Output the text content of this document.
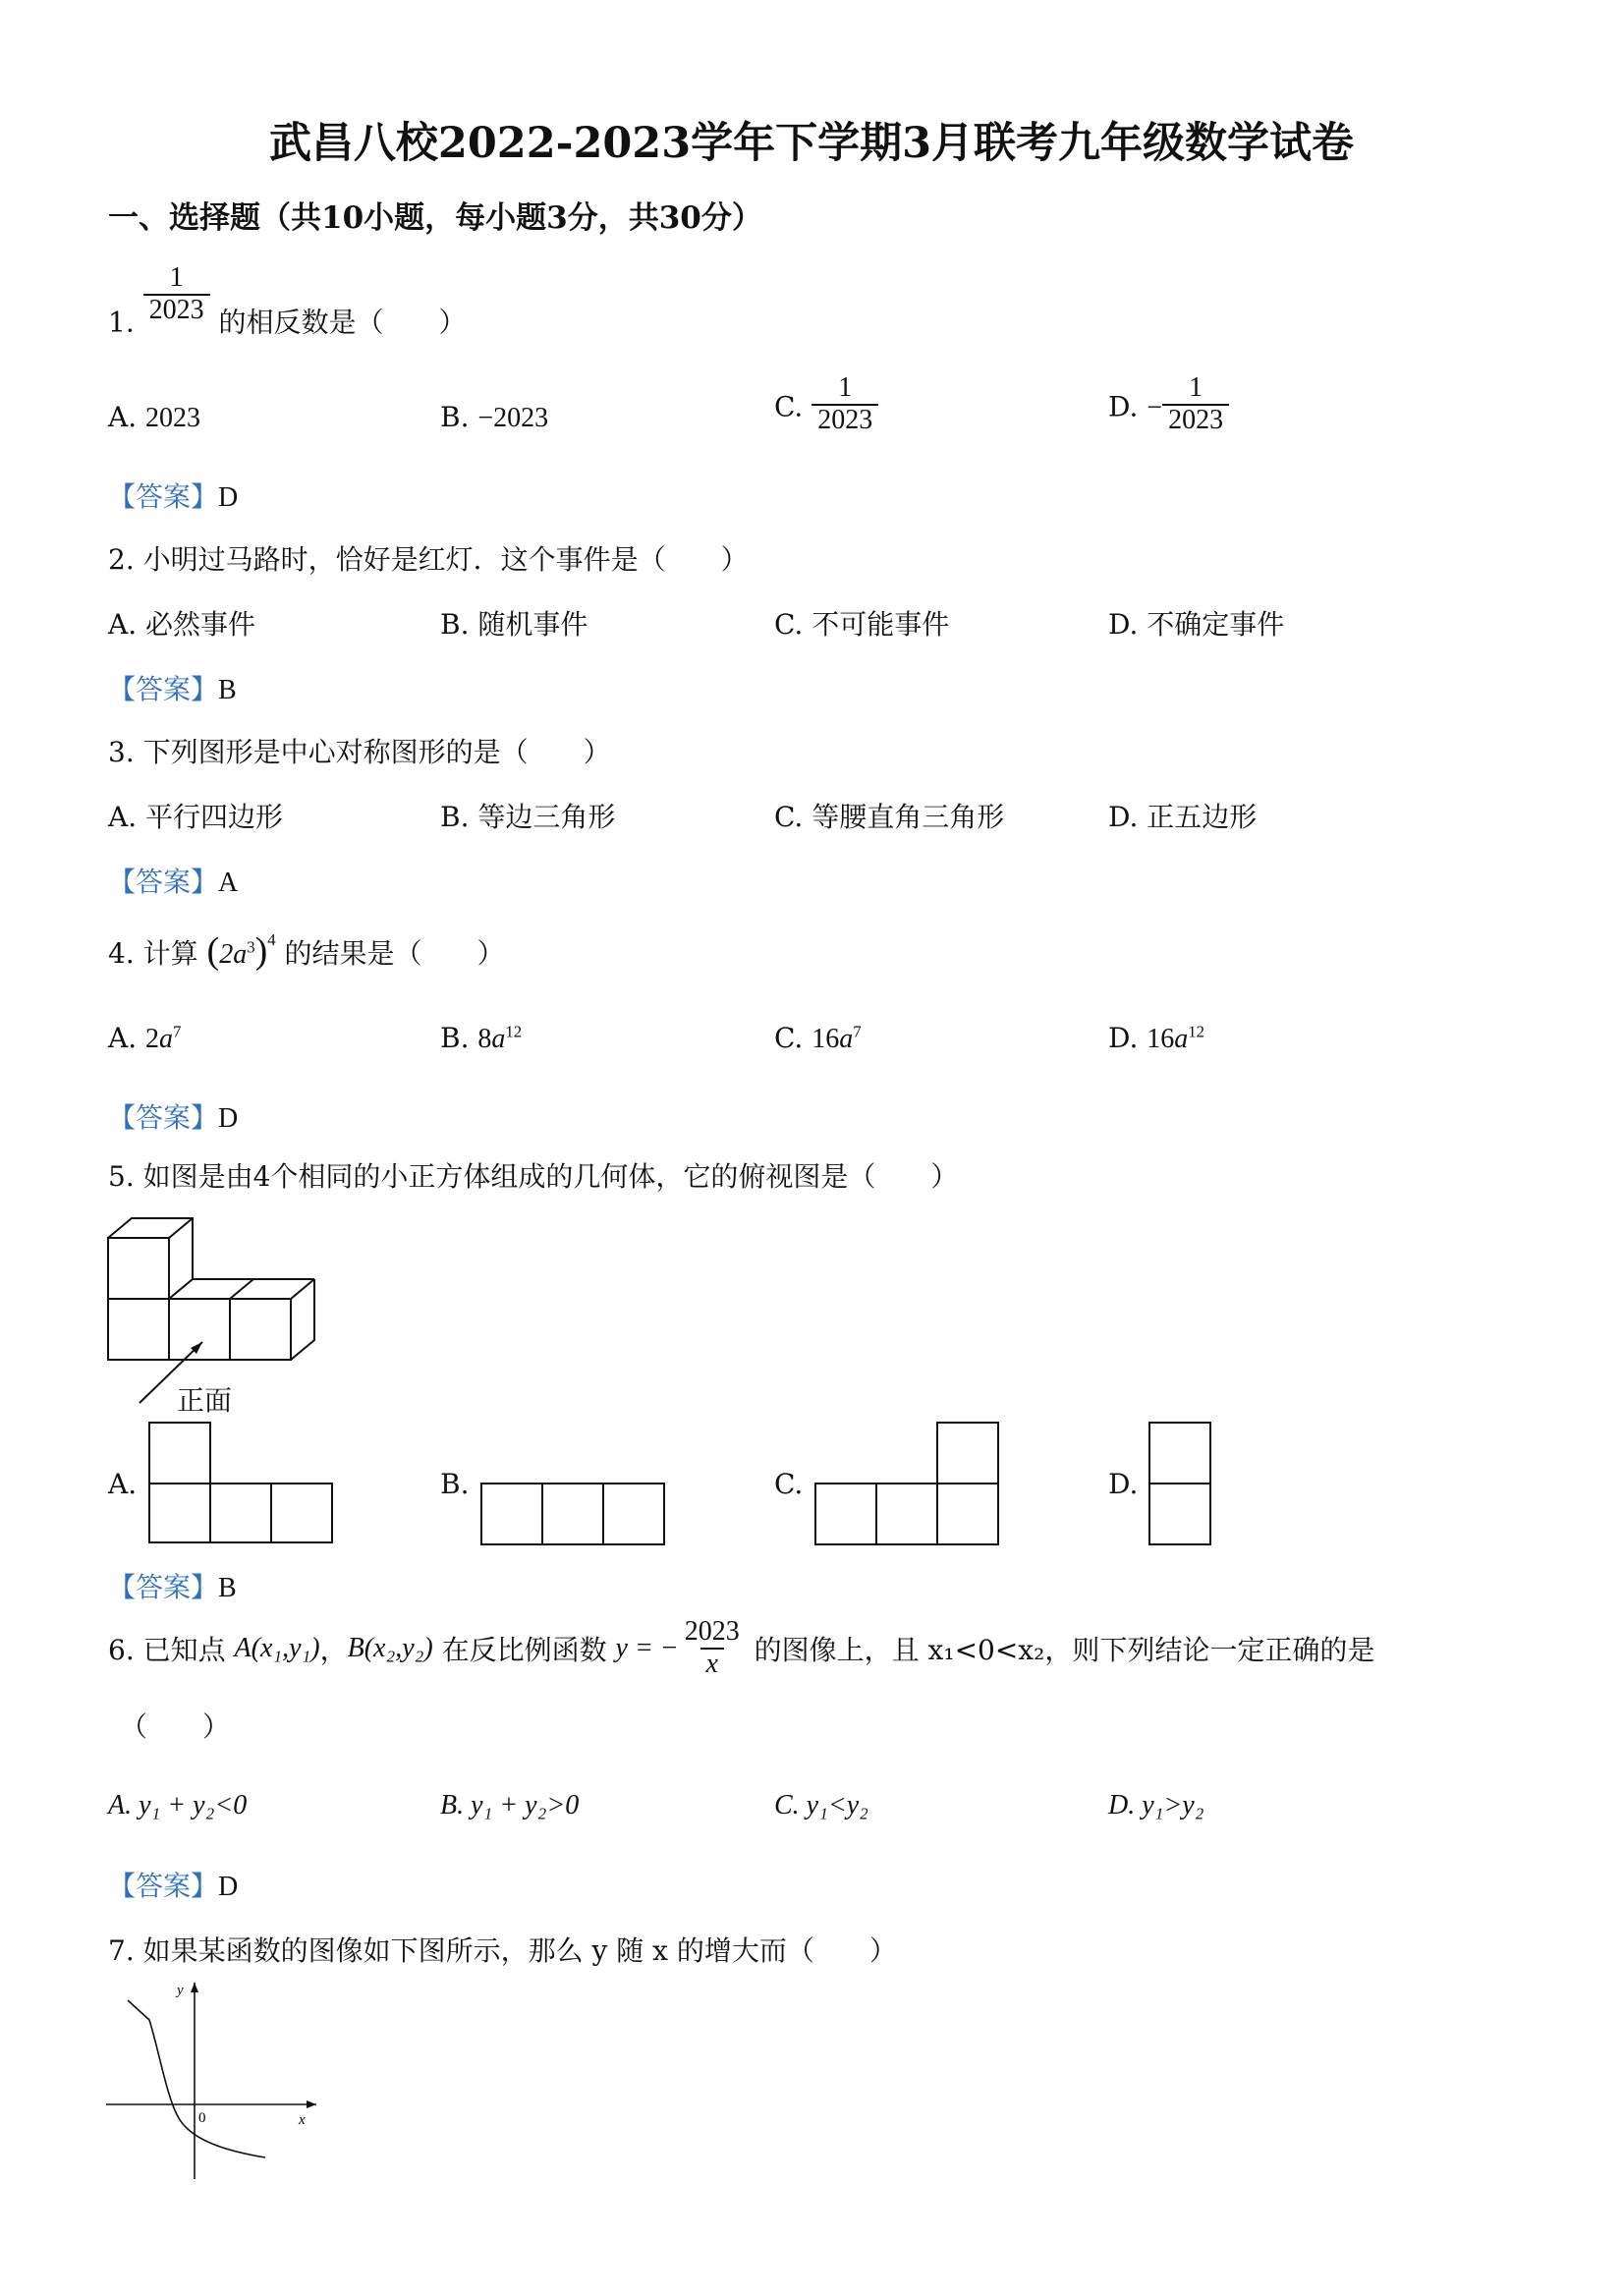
武昌八校2022-2023学年下学期3月联考九年级数学试卷
一、选择题（共10小题，每小题3分，共30分）
1. $\frac{1}{2023}$ 的相反数是（　　）
A. 2023	B. −2023	C. $\frac{1}{2023}$	D. − $\frac{1}{2023}$
【答案】D
2. 小明过马路时，恰好是红灯．这个事件是（　　）
A. 必然事件	B. 随机事件	C. 不可能事件	D. 不确定事件
【答案】B
3. 下列图形是中心对称图形的是（　　）
A. 平行四边形	B. 等边三角形	C. 等腰直角三角形	D. 正五边形
【答案】A
4. 计算 $(2a^3)^4$ 的结果是（　　）
A. $2a^7$	B. $8a^{12}$	C. $16a^7$	D. $16a^{12}$
【答案】D
5. 如图是由4个相同的小正方体组成的几何体，它的俯视图是（　　）
正面
A.	B.	C.	D.
【答案】B
6. 已知点 A(x₁,y₁)，B(x₂,y₂) 在反比例函数 y = − $\frac{2023}{x}$ 的图像上，且 x₁<0<x₂，则下列结论一定正确的是
（　　）
A. y₁ + y₂<0	B. y₁ + y₂>0	C. y₁<y₂	D. y₁>y₂
【答案】D
7. 如果某函数的图像如下图所示，那么 y 随 x 的增大而（　　）
y
x
0
